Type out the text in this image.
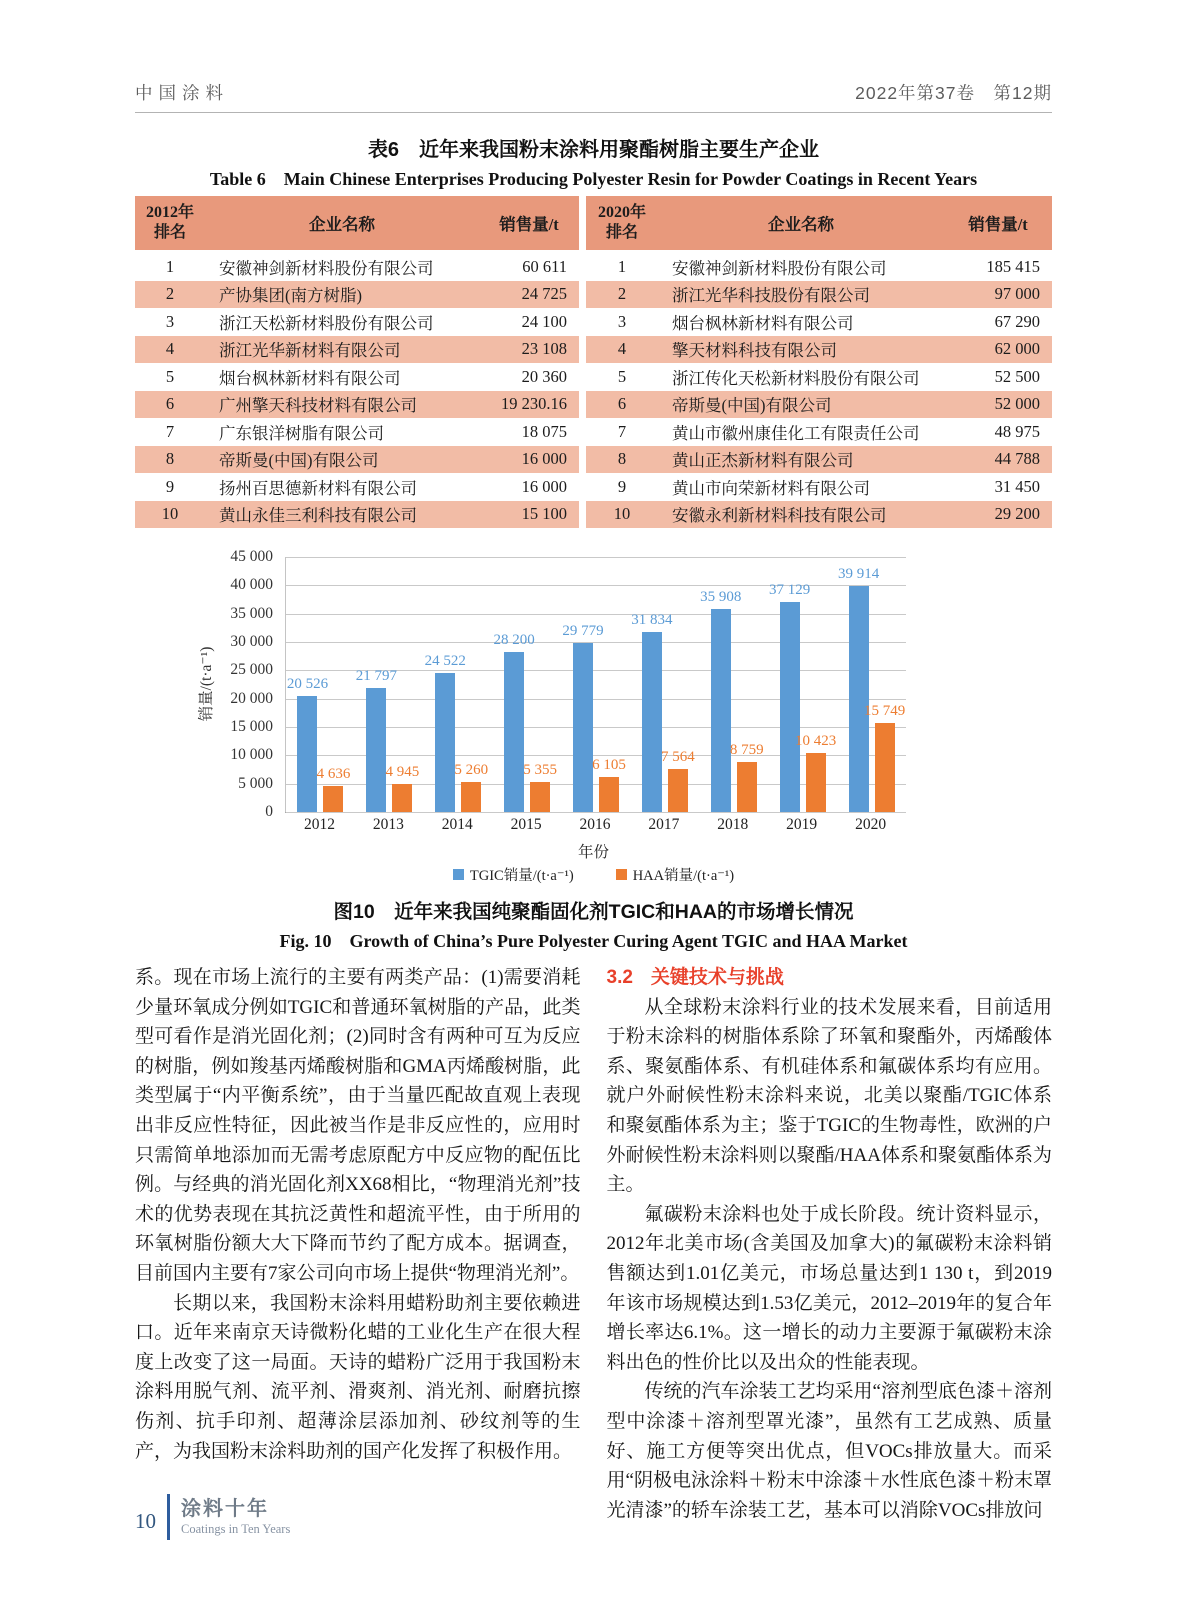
中国涂料	2022年第37卷　第12期
表6　近年来我国粉末涂料用聚酯树脂主要生产企业
Table 6　Main Chinese Enterprises Producing Polyester Resin for Powder Coatings in Recent Years
2012年
排名	企业名称	销售量/t
1	安徽神剑新材料股份有限公司	60 611
2	产协集团(南方树脂)	24 725
3	浙江天松新材料股份有限公司	24 100
4	浙江光华新材料有限公司	23 108
5	烟台枫林新材料有限公司	20 360
6	广州擎天科技材料有限公司	19 230.16
7	广东银洋树脂有限公司	18 075
8	帝斯曼(中国)有限公司	16 000
9	扬州百思德新材料有限公司	16 000
10	黄山永佳三利科技有限公司	15 100
2020年
排名	企业名称	销售量/t
1	安徽神剑新材料股份有限公司	185 415
2	浙江光华科技股份有限公司	97 000
3	烟台枫林新材料有限公司	67 290
4	擎天材料科技有限公司	62 000
5	浙江传化天松新材料股份有限公司	52 500
6	帝斯曼(中国)有限公司	52 000
7	黄山市徽州康佳化工有限责任公司	48 975
8	黄山正杰新材料有限公司	44 788
9	黄山市向荣新材料有限公司	31 450
10	安徽永利新材料科技有限公司	29 200
销量/(t·a⁻¹)
0
5 000
10 000
15 000
20 000
25 000
30 000
35 000
40 000
45 000
20 526
4 636
21 797
4 945
24 522
5 260
28 200
5 355
29 779
6 105
31 834
7 564
35 908
8 759
37 129
10 423
39 914
15 749
2012	2013	2014	2015	2016	2017	2018	2019	2020
年份
TGIC销量/(t·a⁻¹)	HAA销量/(t·a⁻¹)
图10　近年来我国纯聚酯固化剂TGIC和HAA的市场增长情况
Fig. 10　Growth of China’s Pure Polyester Curing Agent TGIC and HAA Market

系。现在市场上流行的主要有两类产品：(1)需要消耗少量环氧成分例如TGIC和普通环氧树脂的产品，此类型可看作是消光固化剂；(2)同时含有两种可互为反应的树脂，例如羧基丙烯酸树脂和GMA丙烯酸树脂，此类型属于“内平衡系统”，由于当量匹配故直观上表现出非反应性特征，因此被当作是非反应性的，应用时只需简单地添加而无需考虑原配方中反应物的配伍比例。与经典的消光固化剂XX68相比，“物理消光剂”技术的优势表现在其抗泛黄性和超流平性，由于所用的环氧树脂份额大大下降而节约了配方成本。据调查，目前国内主要有7家公司向市场上提供“物理消光剂”。

长期以来，我国粉末涂料用蜡粉助剂主要依赖进口。近年来南京天诗微粉化蜡的工业化生产在很大程度上改变了这一局面。天诗的蜡粉广泛用于我国粉末涂料用脱气剂、流平剂、滑爽剂、消光剂、耐磨抗擦伤剂、抗手印剂、超薄涂层添加剂、砂纹剂等的生产，为我国粉末涂料助剂的国产化发挥了积极作用。

3.2 关键技术与挑战

从全球粉末涂料行业的技术发展来看，目前适用于粉末涂料的树脂体系除了环氧和聚酯外，丙烯酸体系、聚氨酯体系、有机硅体系和氟碳体系均有应用。就户外耐候性粉末涂料来说，北美以聚酯/TGIC体系和聚氨酯体系为主；鉴于TGIC的生物毒性，欧洲的户外耐候性粉末涂料则以聚酯/HAA体系和聚氨酯体系为主。

氟碳粉末涂料也处于成长阶段。统计资料显示，2012年北美市场(含美国及加拿大)的氟碳粉末涂料销售额达到1.01亿美元，市场总量达到1 130 t，到2019年该市场规模达到1.53亿美元，2012–2019年的复合年增长率达6.1%。这一增长的动力主要源于氟碳粉末涂料出色的性价比以及出众的性能表现。

传统的汽车涂装工艺均采用“溶剂型底色漆＋溶剂型中涂漆＋溶剂型罩光漆”，虽然有工艺成熟、质量好、施工方便等突出优点，但VOCs排放量大。而采用“阴极电泳涂料＋粉末中涂漆＋水性底色漆＋粉末罩光清漆”的轿车涂装工艺，基本可以消除VOCs排放问

10
涂料十年
Coatings in Ten Years
